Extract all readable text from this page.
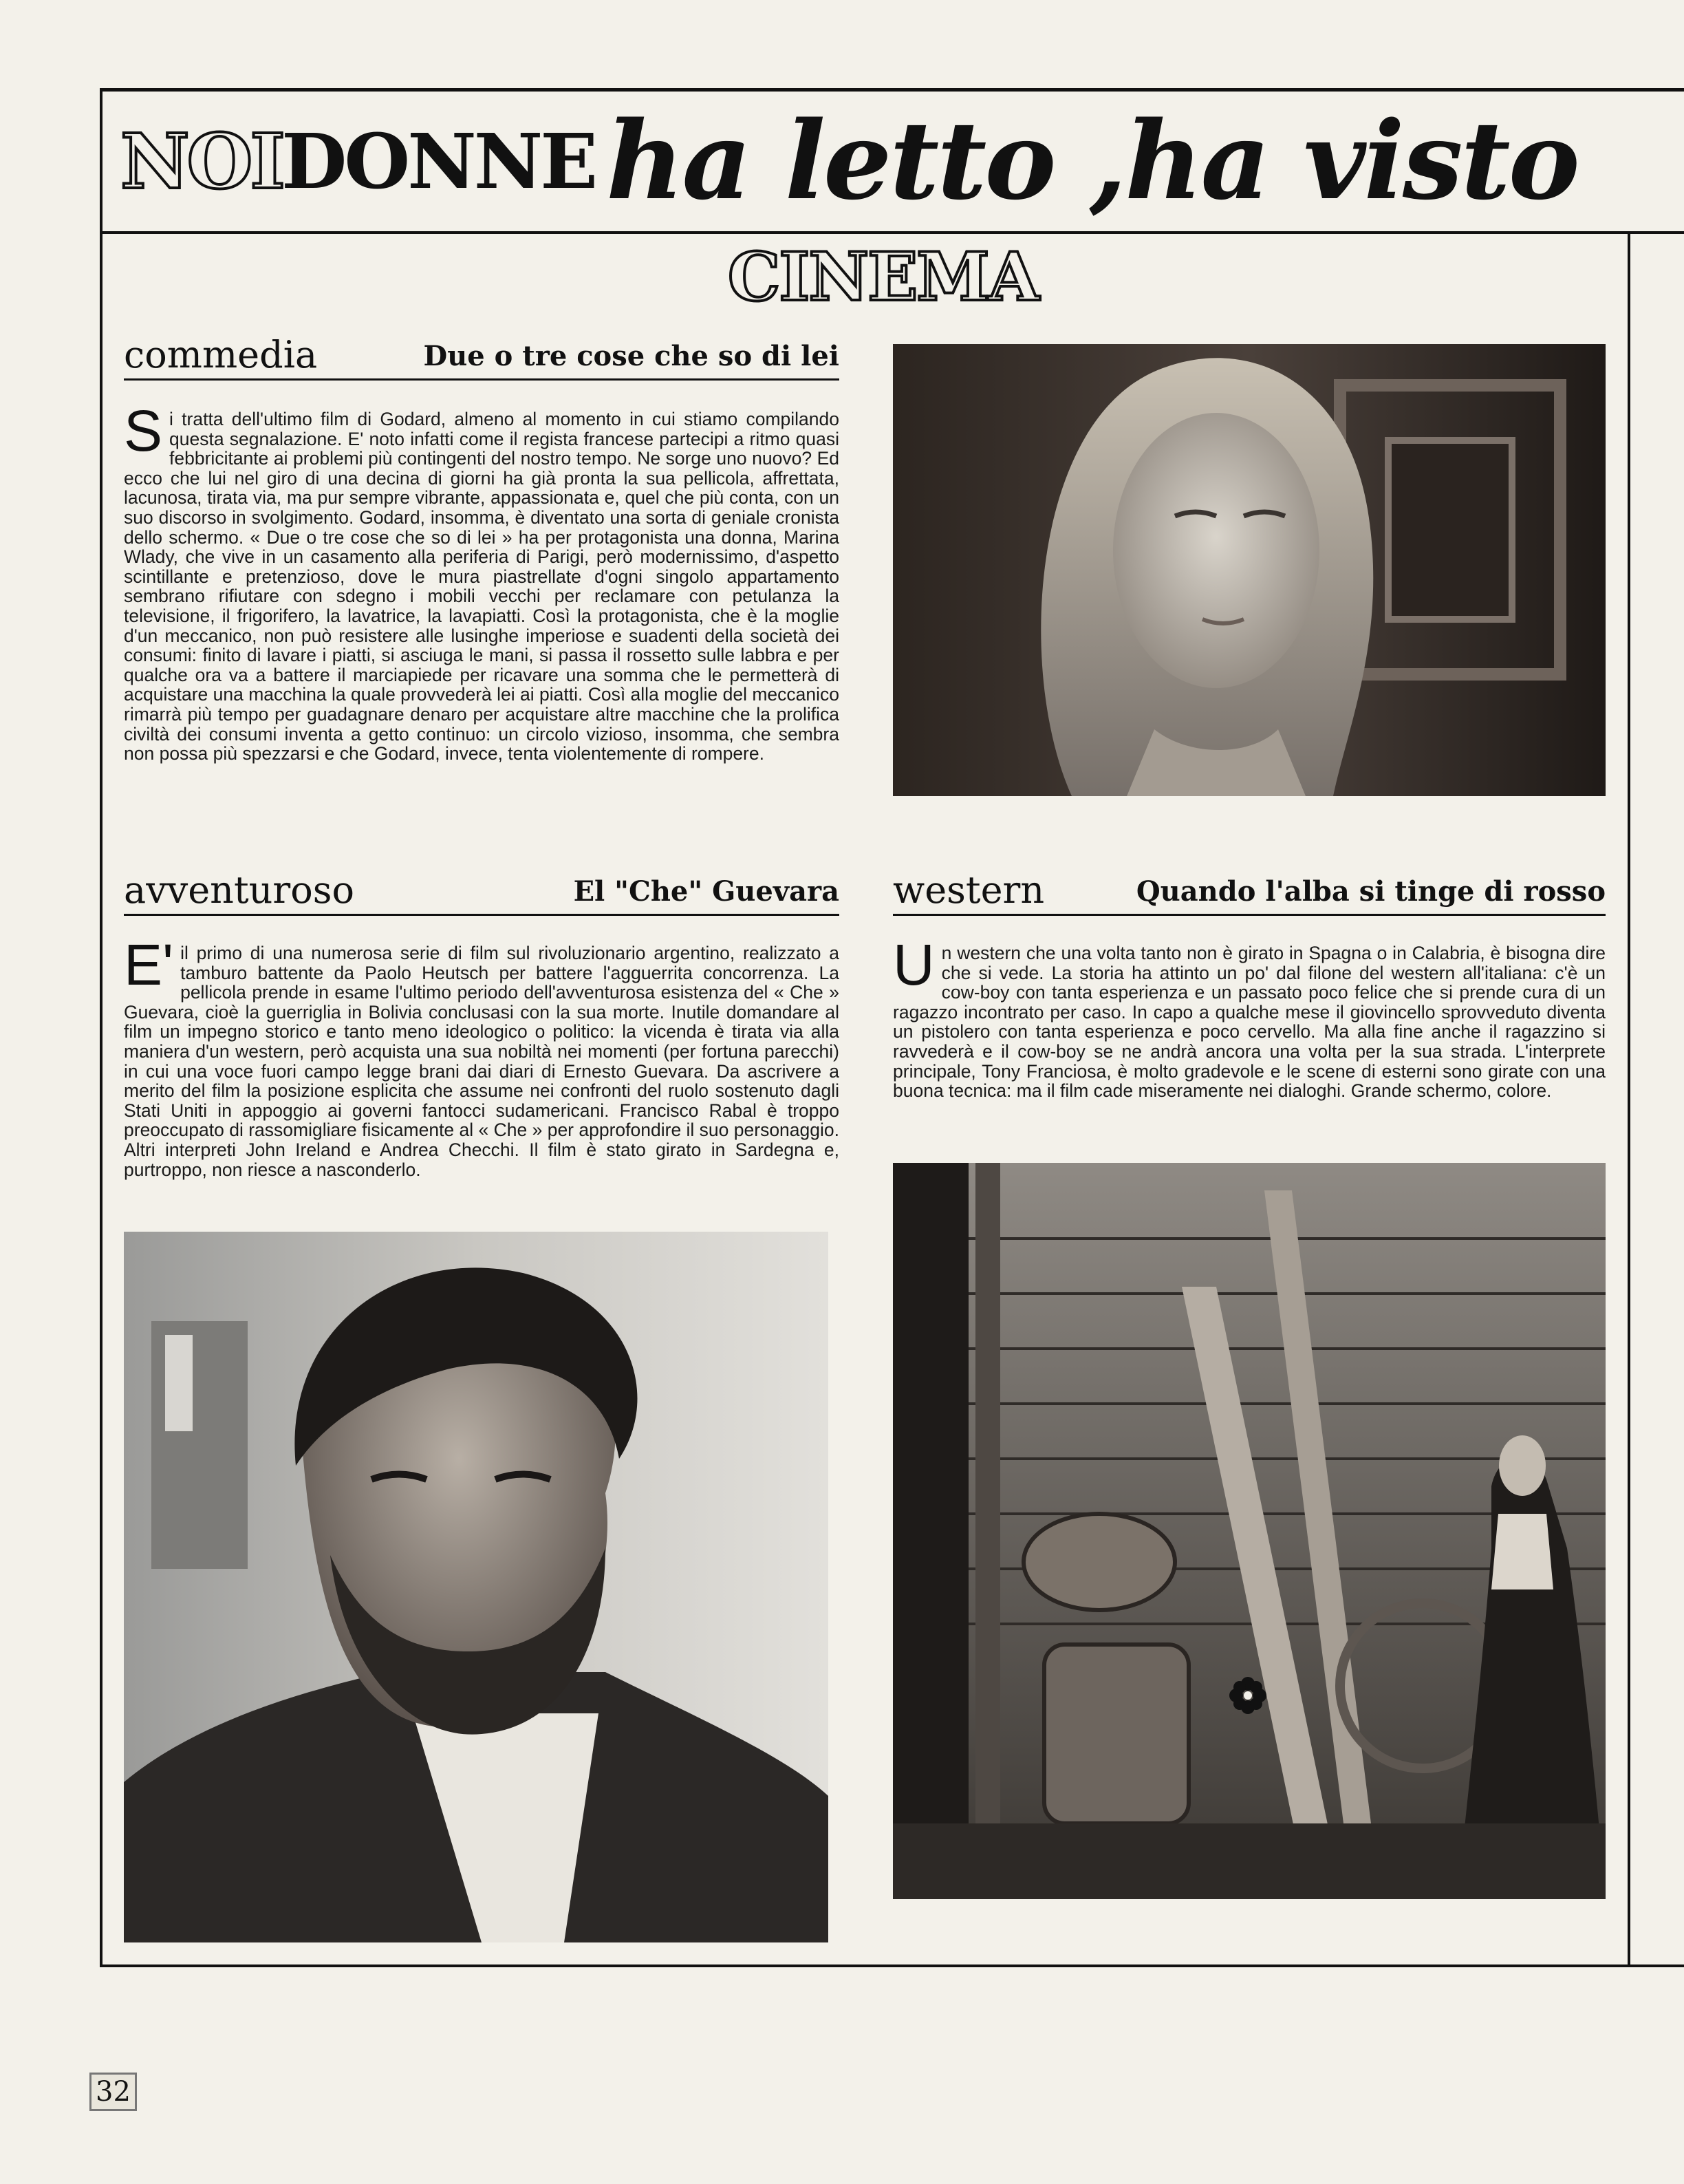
NOI
DONNE ha letto ,ha visto
CINEMA
commedia	Due o tre cose che so di lei
Si tratta dell'ultimo film di Godard, almeno al momento in cui stiamo compilando questa segnalazione. E' noto infatti come il regista francese partecipi a ritmo quasi febbricitante ai problemi più contingenti del nostro tempo. Ne sorge uno nuovo? Ed ecco che lui nel giro di una decina di giorni ha già pronta la sua pellicola, affrettata, lacunosa, tirata via, ma pur sempre vibrante, appassionata e, quel che più conta, con un suo discorso in svolgimento. Godard, insomma, è diventato una sorta di geniale cronista dello schermo. « Due o tre cose che so di lei » ha per protagonista una donna, Marina Wlady, che vive in un casamento alla periferia di Parigi, però modernissimo, d'aspetto scintillante e pretenzioso, dove le mura piastrellate d'ogni singolo appartamento sembrano rifiutare con sdegno i mobili vecchi per reclamare con petulanza la televisione, il frigorifero, la lavatrice, la lavapiatti. Così la protagonista, che è la moglie d'un meccanico, non può resistere alle lusinghe imperiose e suadenti della società dei consumi: finito di lavare i piatti, si asciuga le mani, si passa il rossetto sulle labbra e per qualche ora va a battere il marciapiede per ricavare una somma che le permetterà di acquistare una macchina la quale provvederà lei ai piatti. Così alla moglie del meccanico rimarrà più tempo per guadagnare denaro per acquistare altre macchine che la prolifica civiltà dei consumi inventa a getto continuo: un circolo vizioso, insomma, che sembra non possa più spezzarsi e che Godard, invece, tenta violentemente di rompere.
avventuroso	El "Che" Guevara
E' il primo di una numerosa serie di film sul rivoluzionario argentino, realizzato a tamburo battente da Paolo Heutsch per battere l'agguerrita concorrenza. La pellicola prende in esame l'ultimo periodo dell'avventurosa esistenza del « Che » Guevara, cioè la guerriglia in Bolivia conclusasi con la sua morte. Inutile domandare al film un impegno storico e tanto meno ideologico o politico: la vicenda è tirata via alla maniera d'un western, però acquista una sua nobiltà nei momenti (per fortuna parecchi) in cui una voce fuori campo legge brani dai diari di Ernesto Guevara. Da ascrivere a merito del film la posizione esplicita che assume nei confronti del ruolo sostenuto dagli Stati Uniti in appoggio ai governi fantocci sudamericani. Francisco Rabal è troppo preoccupato di rassomigliare fisicamente al « Che » per approfondire il suo personaggio. Altri interpreti John Ireland e Andrea Checchi. Il film è stato girato in Sardegna e, purtroppo, non riesce a nasconderlo.
western	Quando l'alba si tinge di rosso
Un western che una volta tanto non è girato in Spagna o in Calabria, è bisogna dire che si vede. La storia ha attinto un po' dal filone del western all'italiana: c'è un cow-boy con tanta esperienza e un passato poco felice che si prende cura di un ragazzo incontrato per caso. In capo a qualche mese il giovincello sprovveduto diventa un pistolero con tanta esperienza e poco cervello. Ma alla fine anche il ragazzino si ravvederà e il cow-boy se ne andrà ancora una volta per la sua strada. L'interprete principale, Tony Franciosa, è molto gradevole e le scene di esterni sono girate con una buona tecnica: ma il film cade miseramente nei dialoghi. Grande schermo, colore.
32
